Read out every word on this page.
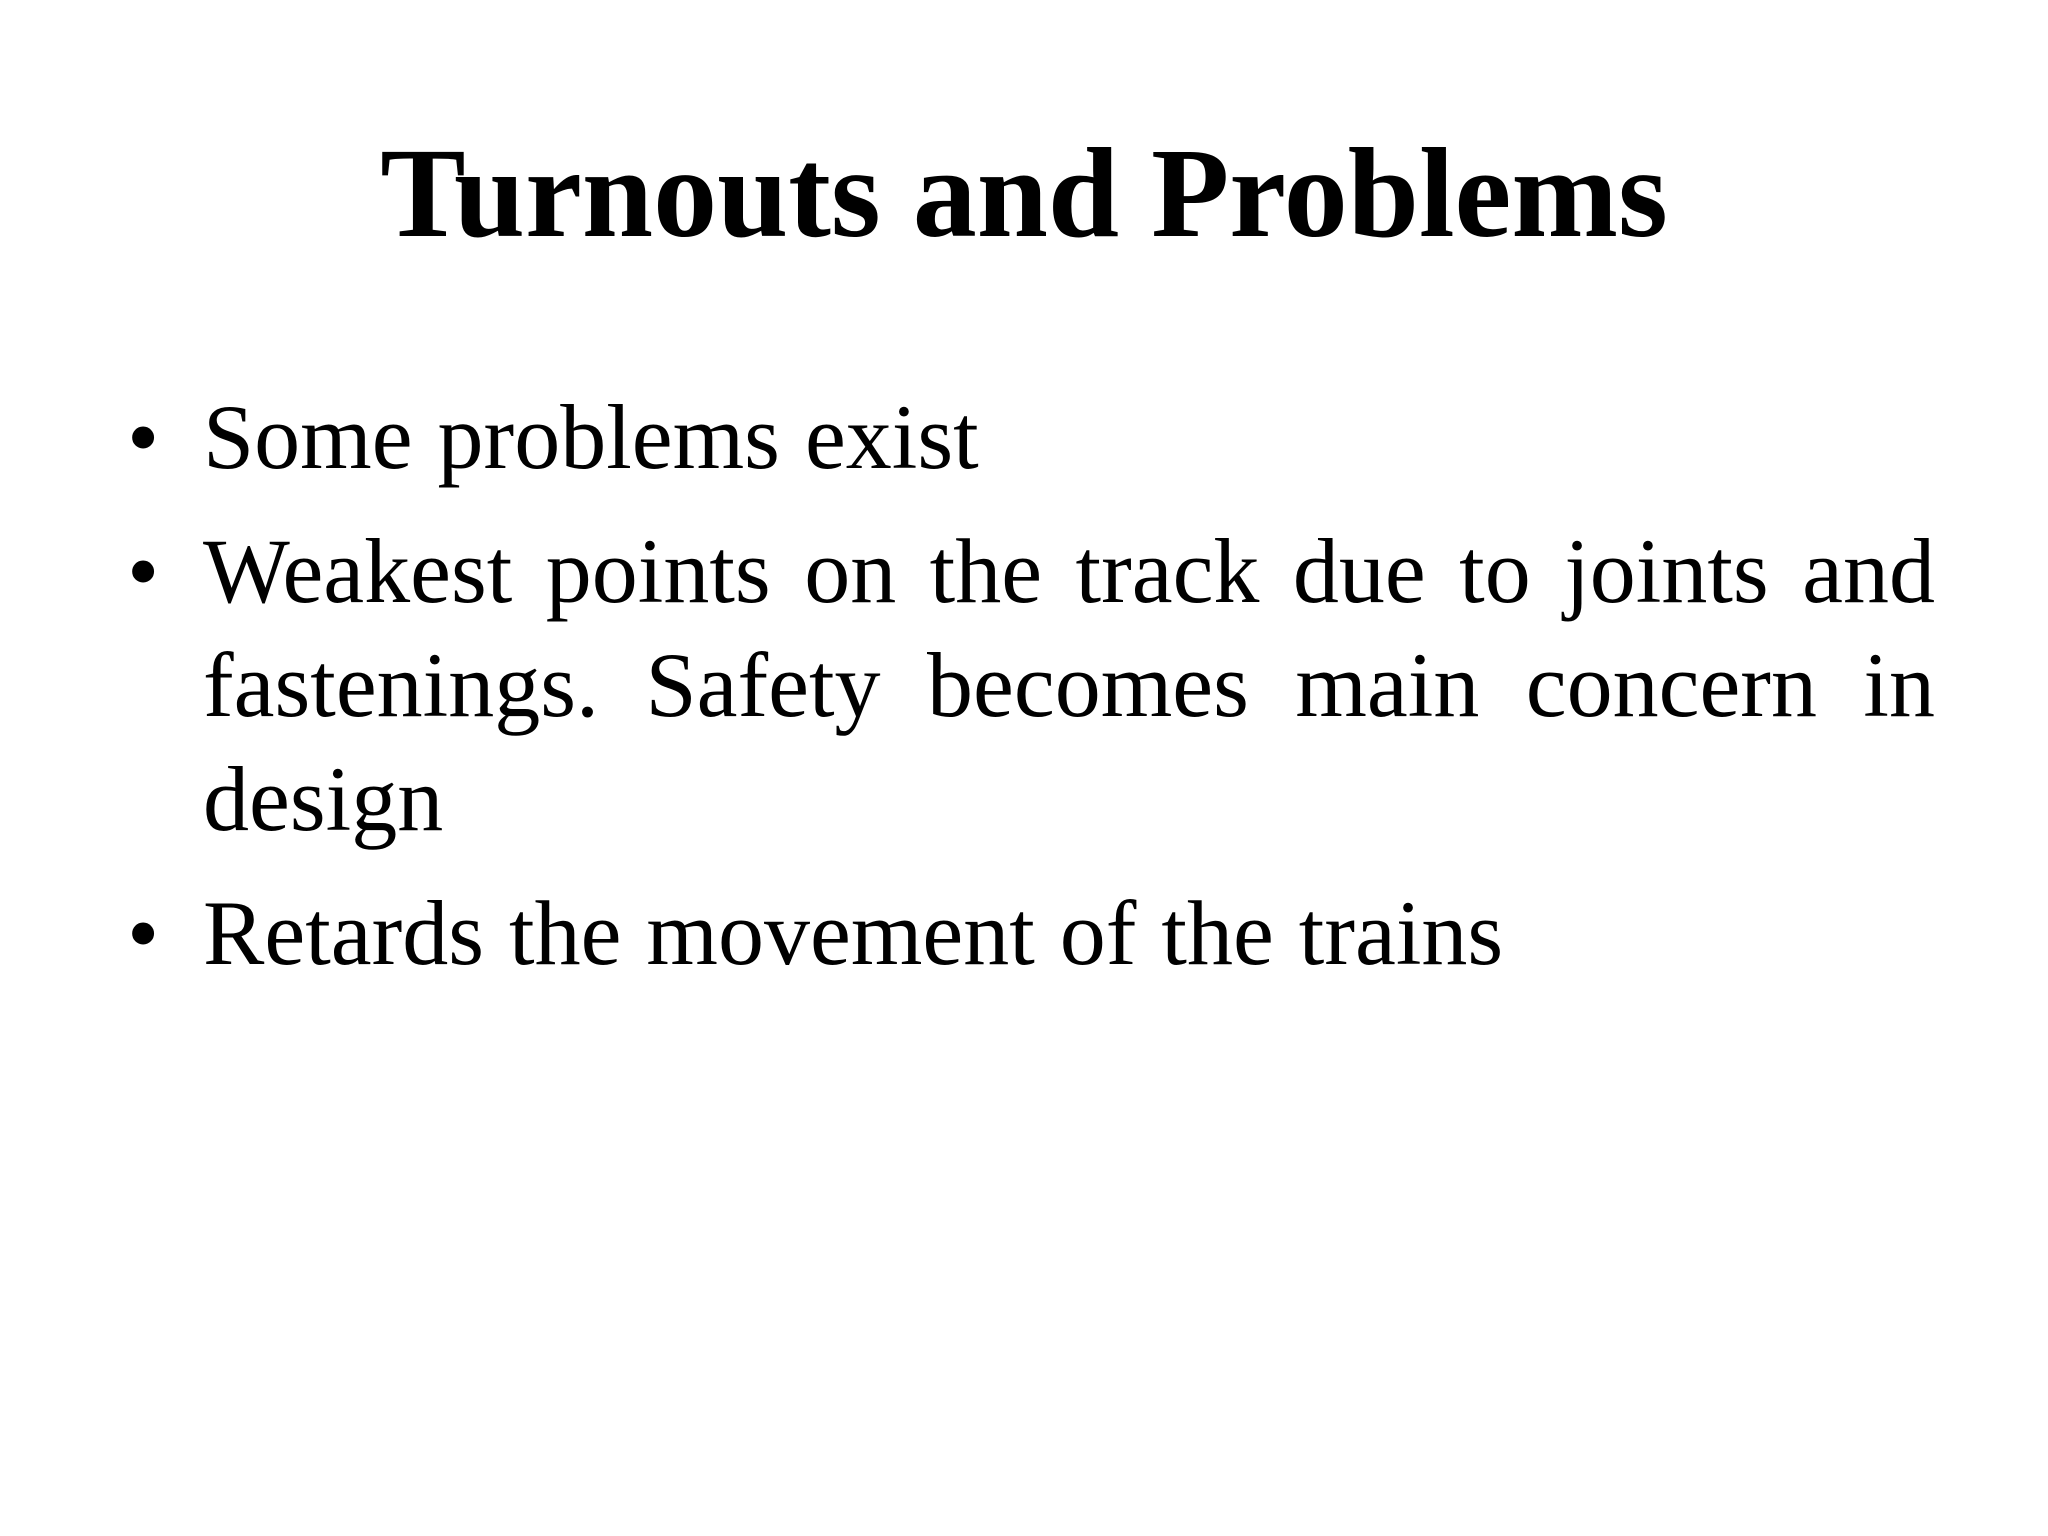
Turnouts and Problems
• Some problems exist
• Weakest points on the track due to joints and fastenings. Safety becomes main concern in design
• Retards the movement of the trains
